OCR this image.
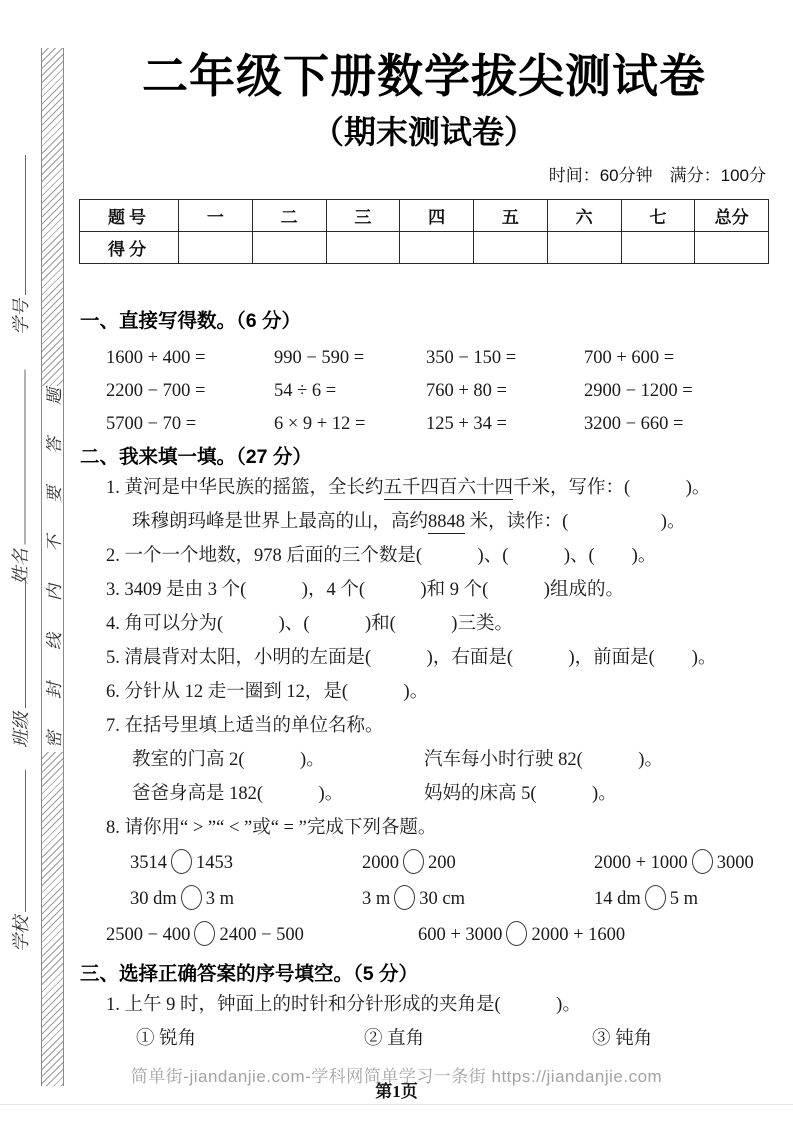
密
封
线
内
不
要
答
题
学号
姓名
班级
学校
二年级下册数学拔尖测试卷
（期末测试卷）
时间：60分钟　满分：100分
题号	一	二	三	四	五	六	七	总分
得分								
一、直接写得数。（6 分）
1600 + 400 =	990 − 590 =	350 − 150 =	700 + 600 =
2200 − 700 =	54 ÷ 6 =	760 + 80 =	2900 − 1200 =
5700 − 70 =	6 × 9 + 12 =	125 + 34 =	3200 − 660 =
二、我来填一填。（27 分）
1. 黄河是中华民族的摇篮，全长约五千四百六十四千米，写作：(　　　)。
珠穆朗玛峰是世界上最高的山，高约8848 米，读作：(　　　　　)。
2. 一个一个地数，978 后面的三个数是(　　　)、(　　　)、(　　)。
3. 3409 是由 3 个(　　　)，4 个(　　　)和 9 个(　　　)组成的。
4. 角可以分为(　　　)、(　　　)和(　　　)三类。
5. 清晨背对太阳，小明的左面是(　　　)，右面是(　　　)，前面是(　　)。
6. 分针从 12 走一圈到 12，是(　　　)。
7. 在括号里填上适当的单位名称。
教室的门高 2(　　　)。	汽车每小时行驶 82(　　　)。
爸爸身高是 182(　　　)。	妈妈的床高 5(　　　)。
8. 请你用“ > ”“ < ”或“ = ”完成下列各题。
3514 1453	2000 200	2000 + 1000 3000
30 dm 3 m	3 m 30 cm	14 dm 5 m
2500 − 400 2400 − 500	600 + 3000 2000 + 1600
三、选择正确答案的序号填空。（5 分）
1. 上午 9 时，钟面上的时针和分针形成的夹角是(　　　)。
① 锐角	② 直角	③ 钝角
简单街-jiandanjie.com-学科网简单学习一条街 https://jiandanjie.com
第1页
